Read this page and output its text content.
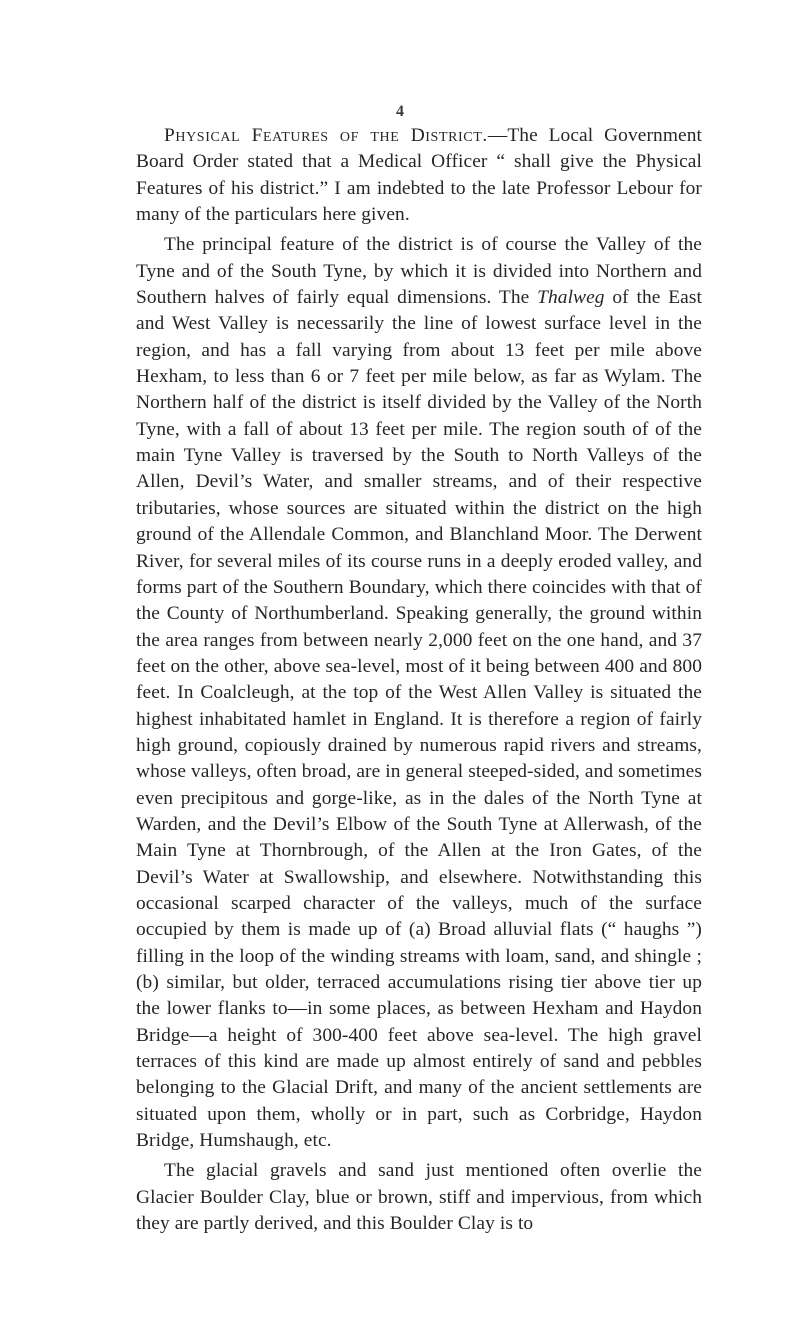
4

Physical Features of the District.—The Local Government Board Order stated that a Medical Officer “ shall give the Physical Features of his district.” I am indebted to the late Professor Lebour for many of the particulars here given.

The principal feature of the district is of course the Valley of the Tyne and of the South Tyne, by which it is divided into Northern and Southern halves of fairly equal dimensions. The Thalweg of the East and West Valley is necessarily the line of lowest surface level in the region, and has a fall varying from about 13 feet per mile above Hexham, to less than 6 or 7 feet per mile below, as far as Wylam. The Northern half of the district is itself divided by the Valley of the North Tyne, with a fall of about 13 feet per mile. The region south of of the main Tyne Valley is traversed by the South to North Valleys of the Allen, Devil’s Water, and smaller streams, and of their respective tributaries, whose sources are situated within the district on the high ground of the Allendale Common, and Blanchland Moor. The Derwent River, for several miles of its course runs in a deeply eroded valley, and forms part of the Southern Boundary, which there coincides with that of the County of Northumberland. Speaking generally, the ground within the area ranges from between nearly 2,000 feet on the one hand, and 37 feet on the other, above sea-level, most of it being between 400 and 800 feet. In Coalcleugh, at the top of the West Allen Valley is situated the highest inhabitated hamlet in England. It is therefore a region of fairly high ground, copiously drained by numerous rapid rivers and streams, whose valleys, often broad, are in general steeped-sided, and sometimes even precipitous and gorge-like, as in the dales of the North Tyne at Warden, and the Devil’s Elbow of the South Tyne at Allerwash, of the Main Tyne at Thornbrough, of the Allen at the Iron Gates, of the Devil’s Water at Swallowship, and elsewhere. Notwithstanding this occasional scarped character of the valleys, much of the surface occupied by them is made up of (a) Broad alluvial flats (“ haughs ”) filling in the loop of the winding streams with loam, sand, and shingle ; (b) similar, but older, terraced accumulations rising tier above tier up the lower flanks to—in some places, as between Hexham and Haydon Bridge—a height of 300-400 feet above sea-level. The high gravel terraces of this kind are made up almost entirely of sand and pebbles belonging to the Glacial Drift, and many of the ancient settlements are situated upon them, wholly or in part, such as Corbridge, Haydon Bridge, Humshaugh, etc.

The glacial gravels and sand just mentioned often overlie the Glacier Boulder Clay, blue or brown, stiff and impervious, from which they are partly derived, and this Boulder Clay is to
